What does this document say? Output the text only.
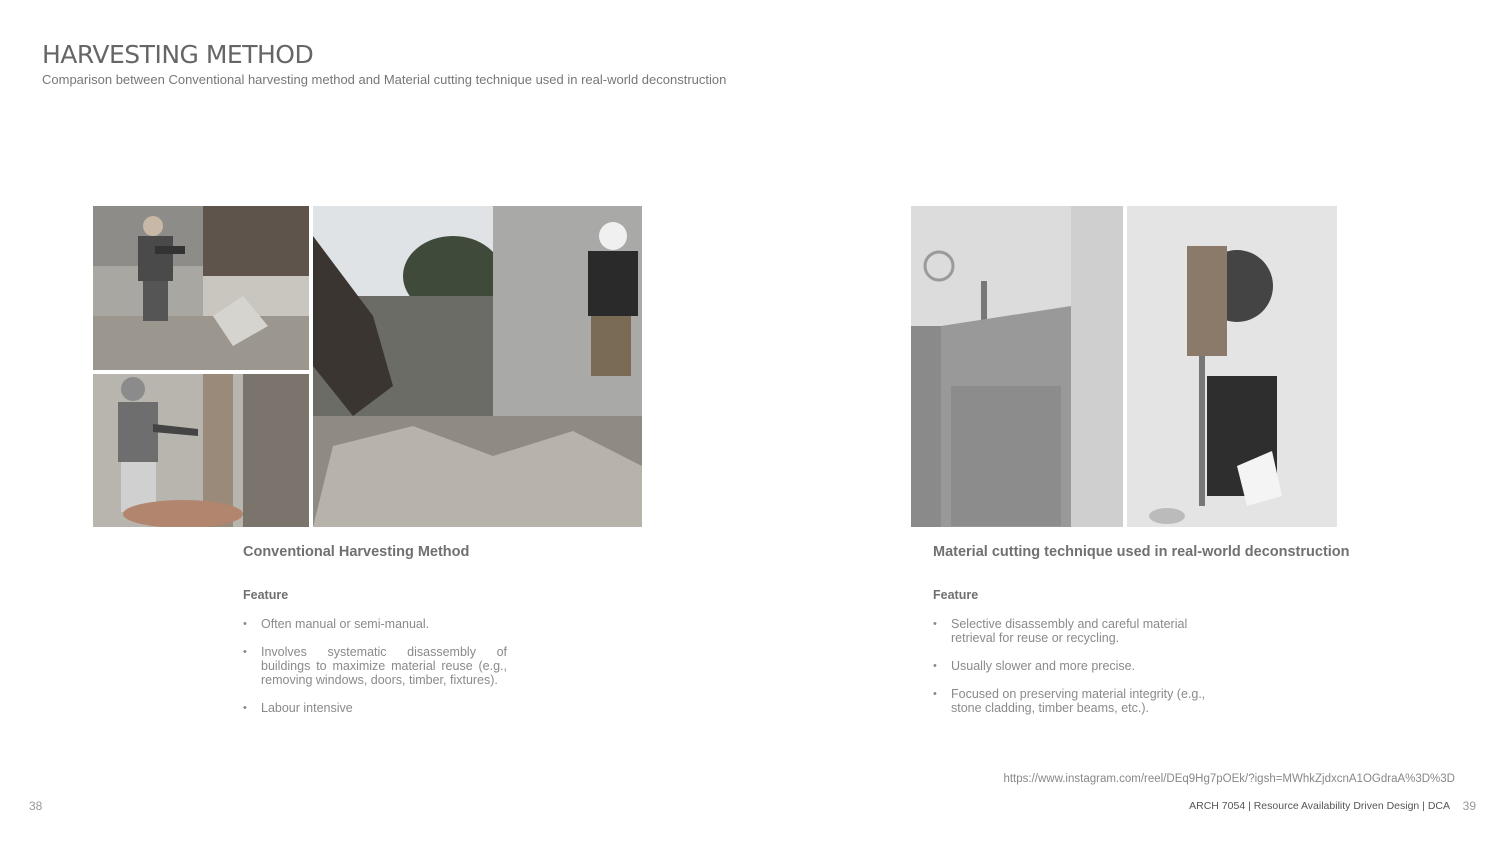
HARVESTING METHOD
Comparison between Conventional harvesting method and Material cutting technique used in real-world deconstruction
Conventional Harvesting Method
Feature
• Often manual or semi-manual.
• Involves systematic disassembly of buildings to maximize material reuse (e.g., removing windows, doors, timber, fixtures).
• Labour intensive
Material cutting technique used in real-world deconstruction
Feature
• Selective disassembly and careful material retrieval for reuse or recycling.
• Usually slower and more precise.
• Focused on preserving material integrity (e.g., stone cladding, timber beams, etc.).
https://www.instagram.com/reel/DEq9Hg7pOEk/?igsh=MWhkZjdxcnA1OGdraA%3D%3D
38	ARCH 7054 | Resource Availability Driven Design | DCA 39
